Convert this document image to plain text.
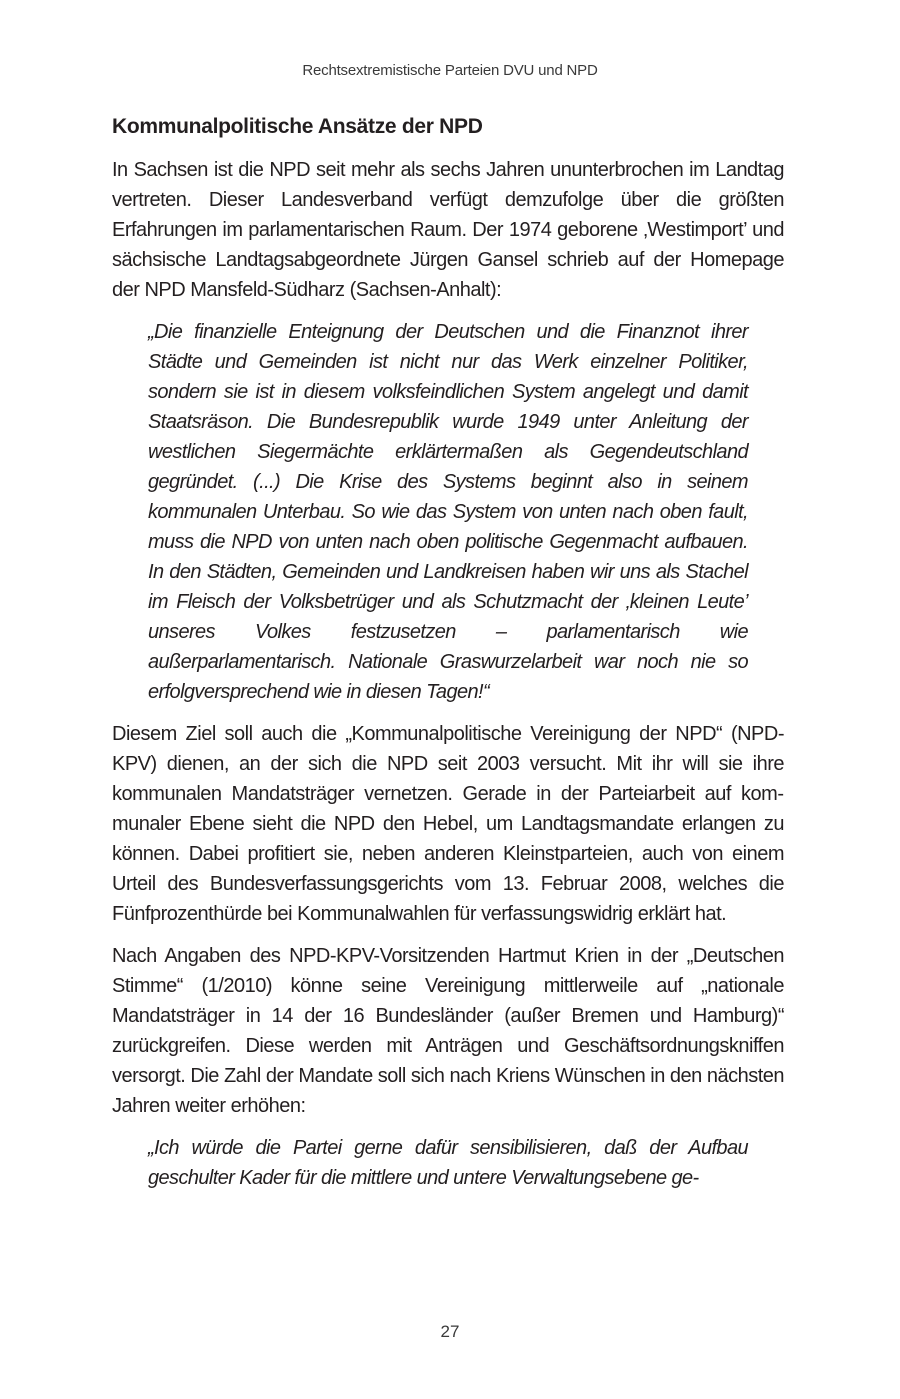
Rechtsextremistische Parteien DVU und NPD
Kommunalpolitische Ansätze der NPD

In Sachsen ist die NPD seit mehr als sechs Jahren ununterbrochen im Landtag vertreten. Dieser Landesverband verfügt demzufolge über die größten Erfahrungen im parlamentarischen Raum. Der 1974 geborene ‚Westimport’ und sächsische Landtagsabgeordnete Jürgen Gansel schrieb auf der Homepage der NPD Mansfeld-Südharz (Sachsen-Anhalt):

„Die finanzielle Enteignung der Deutschen und die Finanznot ihrer Städte und Gemeinden ist nicht nur das Werk einzelner Politiker, sondern sie ist in diesem volksfeindlichen System angelegt und damit Staatsräson. Die Bundesrepublik wurde 1949 unter Anleitung der westlichen Siegermächte erklärtermaßen als Gegendeutschland gegründet. (...) Die Krise des Systems beginnt also in seinem kommunalen Unterbau. So wie das System von unten nach oben fault, muss die NPD von unten nach oben politische Gegenmacht aufbauen. In den Städten, Gemeinden und Landkreisen haben wir uns als Stachel im Fleisch der Volksbetrüger und als Schutzmacht der ‚kleinen Leute’ unseres Volkes festzusetzen – parlamentarisch wie außerparlamentarisch. Nationale Graswurzelarbeit war noch nie so erfolgversprechend wie in diesen Tagen!“

Diesem Ziel soll auch die „Kommunalpolitische Vereinigung der NPD“ (NPD-KPV) dienen, an der sich die NPD seit 2003 versucht. Mit ihr will sie ihre kommunalen Mandatsträger vernetzen. Gerade in der Parteiarbeit auf kommunaler Ebene sieht die NPD den Hebel, um Landtagsmandate erlangen zu können. Dabei profitiert sie, neben anderen Kleinstparteien, auch von einem Urteil des Bundesverfassungsgerichts vom 13. Februar 2008, welches die Fünfprozenthürde bei Kommunalwahlen für verfassungswidrig erklärt hat.

Nach Angaben des NPD-KPV-Vorsitzenden Hartmut Krien in der „Deutschen Stimme“ (1/2010) könne seine Vereinigung mittlerweile auf „nationale Mandatsträger in 14 der 16 Bundesländer (außer Bremen und Hamburg)“ zurückgreifen. Diese werden mit Anträgen und Geschäftsordnungskniffen versorgt. Die Zahl der Mandate soll sich nach Kriens Wünschen in den nächsten Jahren weiter erhöhen:

„Ich würde die Partei gerne dafür sensibilisieren, daß der Aufbau geschulter Kader für die mittlere und untere Verwaltungsebene ge-

27
